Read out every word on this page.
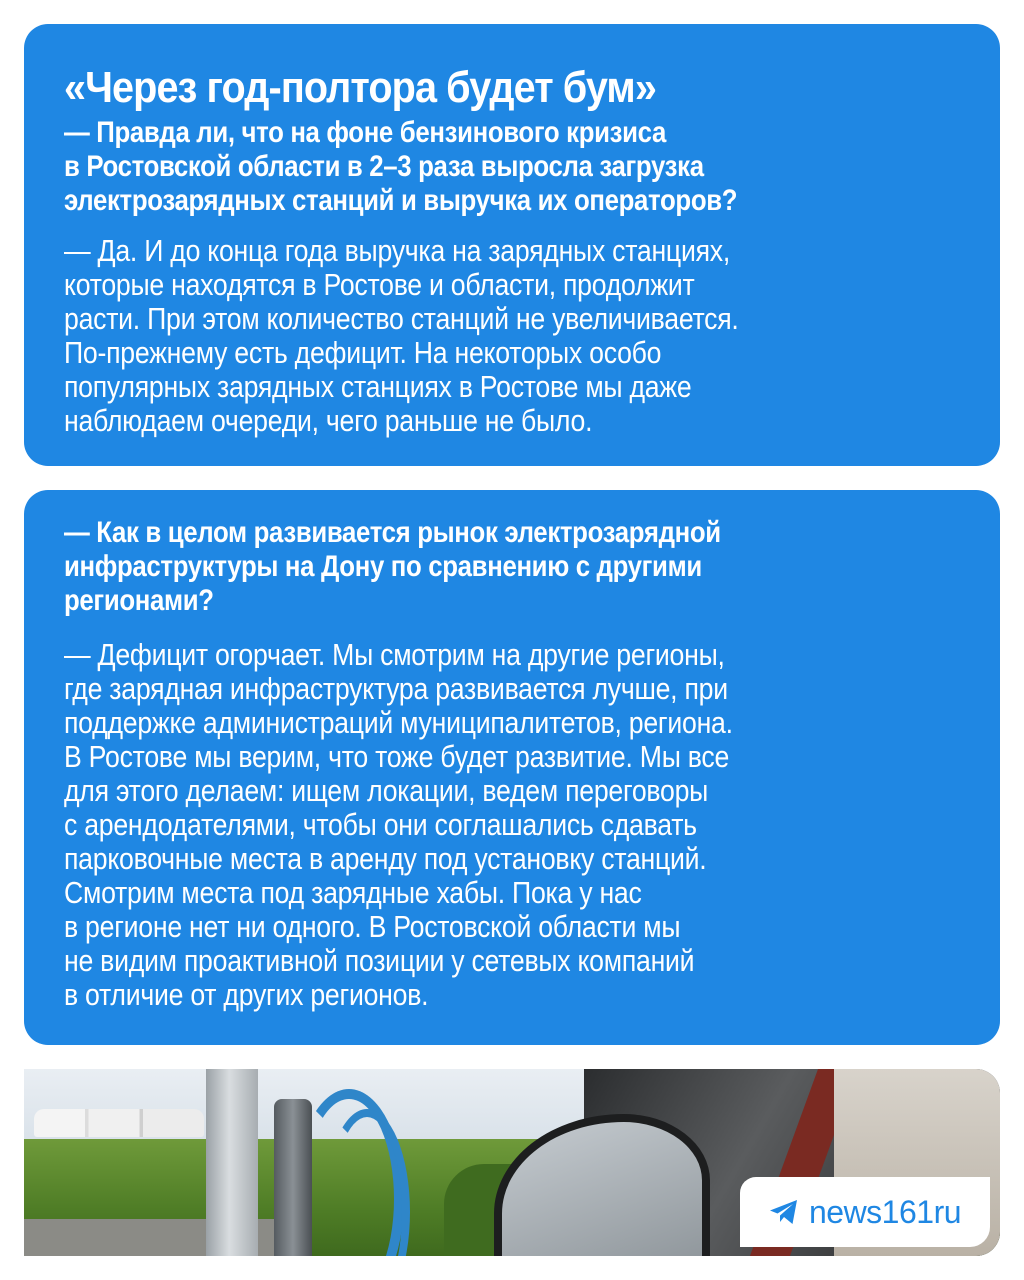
«Через год-полтора будет бум»

— Правда ли, что на фоне бензинового кризиса
в Ростовской области в 2–3 раза выросла загрузка
электрозарядных станций и выручка их операторов?

— Да. И до конца года выручка на зарядных станциях,
которые находятся в Ростове и области, продолжит
расти. При этом количество станций не увеличивается.
По-прежнему есть дефицит. На некоторых особо
популярных зарядных станциях в Ростове мы даже
наблюдаем очереди, чего раньше не было.

— Как в целом развивается рынок электрозарядной
инфраструктуры на Дону по сравнению с другими
регионами?

— Дефицит огорчает. Мы смотрим на другие регионы,
где зарядная инфраструктура развивается лучше, при
поддержке администраций муниципалитетов, региона.
В Ростове мы верим, что тоже будет развитие. Мы все
для этого делаем: ищем локации, ведем переговоры
с арендодателями, чтобы они соглашались сдавать
парковочные места в аренду под установку станций.
Смотрим места под зарядные хабы. Пока у нас
в регионе нет ни одного. В Ростовской области мы
не видим проактивной позиции у сетевых компаний
в отличие от других регионов.

news161ru
